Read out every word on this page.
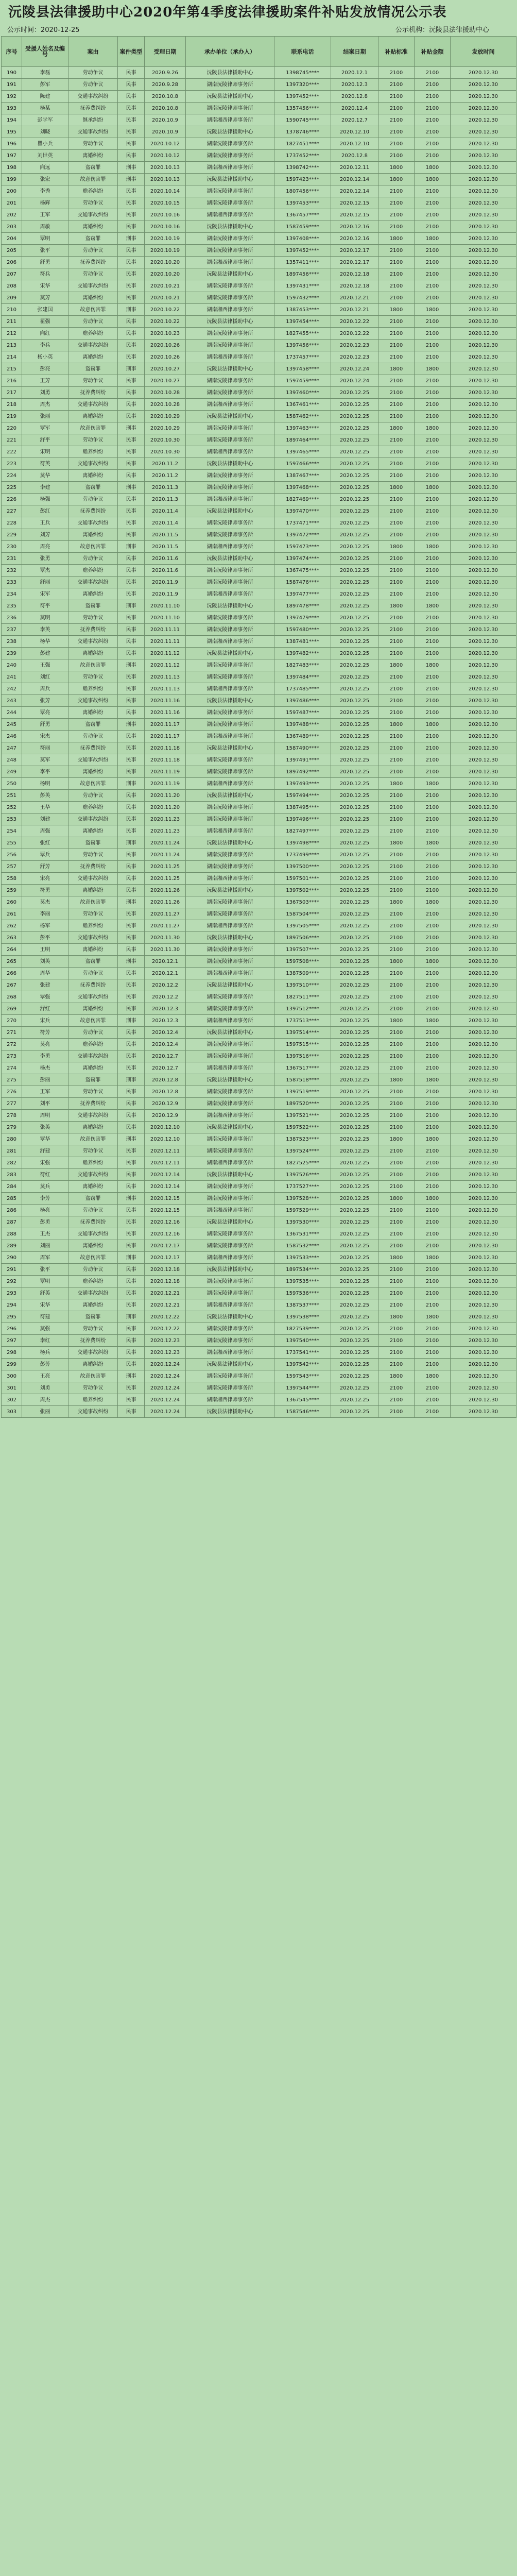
沅陵县法律援助中心2020年第4季度法律援助案件补贴发放情况公示表
公示时间：2020-12-25	公示机构：沅陵县法律援助中心
序号	受援人姓名及编号	案由	案件类型	受理日期	承办单位（承办人）	联系电话	结案日期	补贴标准	补贴金额	发放时间
190	李磊	劳动争议	民事	2020.9.26	沅陵县法律援助中心	1398745****	2020.12.1	2100	2100	2020.12.30
191	彭军	劳动争议	民事	2020.9.28	湖南沅陵律师事务所	1397320****	2020.12.3	2100	2100	2020.12.30
192	陈建	交通事故纠纷	民事	2020.10.8	沅陵县法律援助中心	1397452****	2020.12.8	2100	2100	2020.12.30
193	杨某	抚养费纠纷	民事	2020.10.8	湖南沅陵律师事务所	1357456****	2020.12.4	2100	2100	2020.12.30
194	彭学军	继承纠纷	民事	2020.10.9	湖南湘西律师事务所	1590745****	2020.12.7	2100	2100	2020.12.30
195	刘晓	交通事故纠纷	民事	2020.10.9	沅陵县法律援助中心	1378746****	2020.12.10	2100	2100	2020.12.30
196	瞿小兵	劳动争议	民事	2020.10.12	湖南沅陵律师事务所	1827451****	2020.12.10	2100	2100	2020.12.30
197	刘世英	离婚纠纷	民事	2020.10.12	湖南沅陵律师事务所	1737452****	2020.12.8	2100	2100	2020.12.30
198	向远	盗窃罪	刑事	2020.10.13	湖南湘西律师事务所	1398742****	2020.12.11	1800	1800	2020.12.30
199	张宏	故意伤害罪	刑事	2020.10.13	沅陵县法律援助中心	1597423****	2020.12.14	1800	1800	2020.12.30
200	李秀	赡养纠纷	民事	2020.10.14	湖南沅陵律师事务所	1807456****	2020.12.14	2100	2100	2020.12.30
201	杨辉	劳动争议	民事	2020.10.15	湖南沅陵律师事务所	1397453****	2020.12.15	2100	2100	2020.12.30
202	王军	交通事故纠纷	民事	2020.10.16	湖南湘西律师事务所	1367457****	2020.12.15	2100	2100	2020.12.30
203	周敏	离婚纠纷	民事	2020.10.16	沅陵县法律援助中心	1587459****	2020.12.16	2100	2100	2020.12.30
204	覃明	盗窃罪	刑事	2020.10.19	湖南沅陵律师事务所	1397408****	2020.12.16	1800	1800	2020.12.30
205	张平	劳动争议	民事	2020.10.19	湖南沅陵律师事务所	1397452****	2020.12.17	2100	2100	2020.12.30
206	舒勇	抚养费纠纷	民事	2020.10.20	湖南湘西律师事务所	1357411****	2020.12.17	2100	2100	2020.12.30
207	符兵	劳动争议	民事	2020.10.20	沅陵县法律援助中心	1897456****	2020.12.18	2100	2100	2020.12.30
208	宋华	交通事故纠纷	民事	2020.10.21	湖南沅陵律师事务所	1397431****	2020.12.18	2100	2100	2020.12.30
209	莫芳	离婚纠纷	民事	2020.10.21	湖南沅陵律师事务所	1597432****	2020.12.21	2100	2100	2020.12.30
210	张建国	故意伤害罪	刑事	2020.10.22	湖南湘西律师事务所	1387453****	2020.12.21	1800	1800	2020.12.30
211	瞿强	劳动争议	民事	2020.10.22	沅陵县法律援助中心	1397454****	2020.12.22	2100	2100	2020.12.30
212	向红	赡养纠纷	民事	2020.10.23	湖南沅陵律师事务所	1827455****	2020.12.22	2100	2100	2020.12.30
213	李兵	交通事故纠纷	民事	2020.10.26	湖南沅陵律师事务所	1397456****	2020.12.23	2100	2100	2020.12.30
214	杨小英	离婚纠纷	民事	2020.10.26	湖南湘西律师事务所	1737457****	2020.12.23	2100	2100	2020.12.30
215	彭亮	盗窃罪	刑事	2020.10.27	沅陵县法律援助中心	1397458****	2020.12.24	1800	1800	2020.12.30
216	王芳	劳动争议	民事	2020.10.27	湖南沅陵律师事务所	1597459****	2020.12.24	2100	2100	2020.12.30
217	刘勇	抚养费纠纷	民事	2020.10.28	湖南沅陵律师事务所	1397460****	2020.12.25	2100	2100	2020.12.30
218	周杰	交通事故纠纷	民事	2020.10.28	湖南湘西律师事务所	1367461****	2020.12.25	2100	2100	2020.12.30
219	张丽	离婚纠纷	民事	2020.10.29	沅陵县法律援助中心	1587462****	2020.12.25	2100	2100	2020.12.30
220	覃军	故意伤害罪	刑事	2020.10.29	湖南沅陵律师事务所	1397463****	2020.12.25	1800	1800	2020.12.30
221	舒平	劳动争议	民事	2020.10.30	湖南沅陵律师事务所	1897464****	2020.12.25	2100	2100	2020.12.30
222	宋明	赡养纠纷	民事	2020.10.30	湖南湘西律师事务所	1397465****	2020.12.25	2100	2100	2020.12.30
223	符英	交通事故纠纷	民事	2020.11.2	沅陵县法律援助中心	1597466****	2020.12.25	2100	2100	2020.12.30
224	莫华	离婚纠纷	民事	2020.11.2	湖南沅陵律师事务所	1387467****	2020.12.25	2100	2100	2020.12.30
225	李建	盗窃罪	刑事	2020.11.3	湖南沅陵律师事务所	1397468****	2020.12.25	1800	1800	2020.12.30
226	杨强	劳动争议	民事	2020.11.3	湖南湘西律师事务所	1827469****	2020.12.25	2100	2100	2020.12.30
227	彭红	抚养费纠纷	民事	2020.11.4	沅陵县法律援助中心	1397470****	2020.12.25	2100	2100	2020.12.30
228	王兵	交通事故纠纷	民事	2020.11.4	湖南沅陵律师事务所	1737471****	2020.12.25	2100	2100	2020.12.30
229	刘芳	离婚纠纷	民事	2020.11.5	湖南沅陵律师事务所	1397472****	2020.12.25	2100	2100	2020.12.30
230	周亮	故意伤害罪	刑事	2020.11.5	湖南湘西律师事务所	1597473****	2020.12.25	1800	1800	2020.12.30
231	张勇	劳动争议	民事	2020.11.6	沅陵县法律援助中心	1397474****	2020.12.25	2100	2100	2020.12.30
232	覃杰	赡养纠纷	民事	2020.11.6	湖南沅陵律师事务所	1367475****	2020.12.25	2100	2100	2020.12.30
233	舒丽	交通事故纠纷	民事	2020.11.9	湖南沅陵律师事务所	1587476****	2020.12.25	2100	2100	2020.12.30
234	宋军	离婚纠纷	民事	2020.11.9	湖南湘西律师事务所	1397477****	2020.12.25	2100	2100	2020.12.30
235	符平	盗窃罪	刑事	2020.11.10	沅陵县法律援助中心	1897478****	2020.12.25	1800	1800	2020.12.30
236	莫明	劳动争议	民事	2020.11.10	湖南沅陵律师事务所	1397479****	2020.12.25	2100	2100	2020.12.30
237	李英	抚养费纠纷	民事	2020.11.11	湖南沅陵律师事务所	1597480****	2020.12.25	2100	2100	2020.12.30
238	杨华	交通事故纠纷	民事	2020.11.11	湖南湘西律师事务所	1387481****	2020.12.25	2100	2100	2020.12.30
239	彭建	离婚纠纷	民事	2020.11.12	沅陵县法律援助中心	1397482****	2020.12.25	2100	2100	2020.12.30
240	王强	故意伤害罪	刑事	2020.11.12	湖南沅陵律师事务所	1827483****	2020.12.25	1800	1800	2020.12.30
241	刘红	劳动争议	民事	2020.11.13	湖南沅陵律师事务所	1397484****	2020.12.25	2100	2100	2020.12.30
242	周兵	赡养纠纷	民事	2020.11.13	湖南湘西律师事务所	1737485****	2020.12.25	2100	2100	2020.12.30
243	张芳	交通事故纠纷	民事	2020.11.16	沅陵县法律援助中心	1397486****	2020.12.25	2100	2100	2020.12.30
244	覃亮	离婚纠纷	民事	2020.11.16	湖南沅陵律师事务所	1597487****	2020.12.25	2100	2100	2020.12.30
245	舒勇	盗窃罪	刑事	2020.11.17	湖南沅陵律师事务所	1397488****	2020.12.25	1800	1800	2020.12.30
246	宋杰	劳动争议	民事	2020.11.17	湖南湘西律师事务所	1367489****	2020.12.25	2100	2100	2020.12.30
247	符丽	抚养费纠纷	民事	2020.11.18	沅陵县法律援助中心	1587490****	2020.12.25	2100	2100	2020.12.30
248	莫军	交通事故纠纷	民事	2020.11.18	湖南沅陵律师事务所	1397491****	2020.12.25	2100	2100	2020.12.30
249	李平	离婚纠纷	民事	2020.11.19	湖南沅陵律师事务所	1897492****	2020.12.25	2100	2100	2020.12.30
250	杨明	故意伤害罪	刑事	2020.11.19	湖南湘西律师事务所	1397493****	2020.12.25	1800	1800	2020.12.30
251	彭英	劳动争议	民事	2020.11.20	沅陵县法律援助中心	1597494****	2020.12.25	2100	2100	2020.12.30
252	王华	赡养纠纷	民事	2020.11.20	湖南沅陵律师事务所	1387495****	2020.12.25	2100	2100	2020.12.30
253	刘建	交通事故纠纷	民事	2020.11.23	湖南沅陵律师事务所	1397496****	2020.12.25	2100	2100	2020.12.30
254	周强	离婚纠纷	民事	2020.11.23	湖南湘西律师事务所	1827497****	2020.12.25	2100	2100	2020.12.30
255	张红	盗窃罪	刑事	2020.11.24	沅陵县法律援助中心	1397498****	2020.12.25	1800	1800	2020.12.30
256	覃兵	劳动争议	民事	2020.11.24	湖南沅陵律师事务所	1737499****	2020.12.25	2100	2100	2020.12.30
257	舒芳	抚养费纠纷	民事	2020.11.25	湖南沅陵律师事务所	1397500****	2020.12.25	2100	2100	2020.12.30
258	宋亮	交通事故纠纷	民事	2020.11.25	湖南湘西律师事务所	1597501****	2020.12.25	2100	2100	2020.12.30
259	符勇	离婚纠纷	民事	2020.11.26	沅陵县法律援助中心	1397502****	2020.12.25	2100	2100	2020.12.30
260	莫杰	故意伤害罪	刑事	2020.11.26	湖南沅陵律师事务所	1367503****	2020.12.25	1800	1800	2020.12.30
261	李丽	劳动争议	民事	2020.11.27	湖南沅陵律师事务所	1587504****	2020.12.25	2100	2100	2020.12.30
262	杨军	赡养纠纷	民事	2020.11.27	湖南湘西律师事务所	1397505****	2020.12.25	2100	2100	2020.12.30
263	彭平	交通事故纠纷	民事	2020.11.30	沅陵县法律援助中心	1897506****	2020.12.25	2100	2100	2020.12.30
264	王明	离婚纠纷	民事	2020.11.30	湖南沅陵律师事务所	1397507****	2020.12.25	2100	2100	2020.12.30
265	刘英	盗窃罪	刑事	2020.12.1	湖南沅陵律师事务所	1597508****	2020.12.25	1800	1800	2020.12.30
266	周华	劳动争议	民事	2020.12.1	湖南湘西律师事务所	1387509****	2020.12.25	2100	2100	2020.12.30
267	张建	抚养费纠纷	民事	2020.12.2	沅陵县法律援助中心	1397510****	2020.12.25	2100	2100	2020.12.30
268	覃强	交通事故纠纷	民事	2020.12.2	湖南沅陵律师事务所	1827511****	2020.12.25	2100	2100	2020.12.30
269	舒红	离婚纠纷	民事	2020.12.3	湖南沅陵律师事务所	1397512****	2020.12.25	2100	2100	2020.12.30
270	宋兵	故意伤害罪	刑事	2020.12.3	湖南湘西律师事务所	1737513****	2020.12.25	1800	1800	2020.12.30
271	符芳	劳动争议	民事	2020.12.4	沅陵县法律援助中心	1397514****	2020.12.25	2100	2100	2020.12.30
272	莫亮	赡养纠纷	民事	2020.12.4	湖南沅陵律师事务所	1597515****	2020.12.25	2100	2100	2020.12.30
273	李勇	交通事故纠纷	民事	2020.12.7	湖南沅陵律师事务所	1397516****	2020.12.25	2100	2100	2020.12.30
274	杨杰	离婚纠纷	民事	2020.12.7	湖南湘西律师事务所	1367517****	2020.12.25	2100	2100	2020.12.30
275	彭丽	盗窃罪	刑事	2020.12.8	沅陵县法律援助中心	1587518****	2020.12.25	1800	1800	2020.12.30
276	王军	劳动争议	民事	2020.12.8	湖南沅陵律师事务所	1397519****	2020.12.25	2100	2100	2020.12.30
277	刘平	抚养费纠纷	民事	2020.12.9	湖南沅陵律师事务所	1897520****	2020.12.25	2100	2100	2020.12.30
278	周明	交通事故纠纷	民事	2020.12.9	湖南湘西律师事务所	1397521****	2020.12.25	2100	2100	2020.12.30
279	张英	离婚纠纷	民事	2020.12.10	沅陵县法律援助中心	1597522****	2020.12.25	2100	2100	2020.12.30
280	覃华	故意伤害罪	刑事	2020.12.10	湖南沅陵律师事务所	1387523****	2020.12.25	1800	1800	2020.12.30
281	舒建	劳动争议	民事	2020.12.11	湖南沅陵律师事务所	1397524****	2020.12.25	2100	2100	2020.12.30
282	宋强	赡养纠纷	民事	2020.12.11	湖南湘西律师事务所	1827525****	2020.12.25	2100	2100	2020.12.30
283	符红	交通事故纠纷	民事	2020.12.14	沅陵县法律援助中心	1397526****	2020.12.25	2100	2100	2020.12.30
284	莫兵	离婚纠纷	民事	2020.12.14	湖南沅陵律师事务所	1737527****	2020.12.25	2100	2100	2020.12.30
285	李芳	盗窃罪	刑事	2020.12.15	湖南沅陵律师事务所	1397528****	2020.12.25	1800	1800	2020.12.30
286	杨亮	劳动争议	民事	2020.12.15	湖南湘西律师事务所	1597529****	2020.12.25	2100	2100	2020.12.30
287	彭勇	抚养费纠纷	民事	2020.12.16	沅陵县法律援助中心	1397530****	2020.12.25	2100	2100	2020.12.30
288	王杰	交通事故纠纷	民事	2020.12.16	湖南沅陵律师事务所	1367531****	2020.12.25	2100	2100	2020.12.30
289	刘丽	离婚纠纷	民事	2020.12.17	湖南沅陵律师事务所	1587532****	2020.12.25	2100	2100	2020.12.30
290	周军	故意伤害罪	刑事	2020.12.17	湖南湘西律师事务所	1397533****	2020.12.25	1800	1800	2020.12.30
291	张平	劳动争议	民事	2020.12.18	沅陵县法律援助中心	1897534****	2020.12.25	2100	2100	2020.12.30
292	覃明	赡养纠纷	民事	2020.12.18	湖南沅陵律师事务所	1397535****	2020.12.25	2100	2100	2020.12.30
293	舒英	交通事故纠纷	民事	2020.12.21	湖南沅陵律师事务所	1597536****	2020.12.25	2100	2100	2020.12.30
294	宋华	离婚纠纷	民事	2020.12.21	湖南湘西律师事务所	1387537****	2020.12.25	2100	2100	2020.12.30
295	符建	盗窃罪	刑事	2020.12.22	沅陵县法律援助中心	1397538****	2020.12.25	1800	1800	2020.12.30
296	莫强	劳动争议	民事	2020.12.22	湖南沅陵律师事务所	1827539****	2020.12.25	2100	2100	2020.12.30
297	李红	抚养费纠纷	民事	2020.12.23	湖南沅陵律师事务所	1397540****	2020.12.25	2100	2100	2020.12.30
298	杨兵	交通事故纠纷	民事	2020.12.23	湖南湘西律师事务所	1737541****	2020.12.25	2100	2100	2020.12.30
299	彭芳	离婚纠纷	民事	2020.12.24	沅陵县法律援助中心	1397542****	2020.12.25	2100	2100	2020.12.30
300	王亮	故意伤害罪	刑事	2020.12.24	湖南沅陵律师事务所	1597543****	2020.12.25	1800	1800	2020.12.30
301	刘勇	劳动争议	民事	2020.12.24	湖南沅陵律师事务所	1397544****	2020.12.25	2100	2100	2020.12.30
302	周杰	赡养纠纷	民事	2020.12.24	湖南湘西律师事务所	1367545****	2020.12.25	2100	2100	2020.12.30
303	张丽	交通事故纠纷	民事	2020.12.24	沅陵县法律援助中心	1587546****	2020.12.25	2100	2100	2020.12.30
